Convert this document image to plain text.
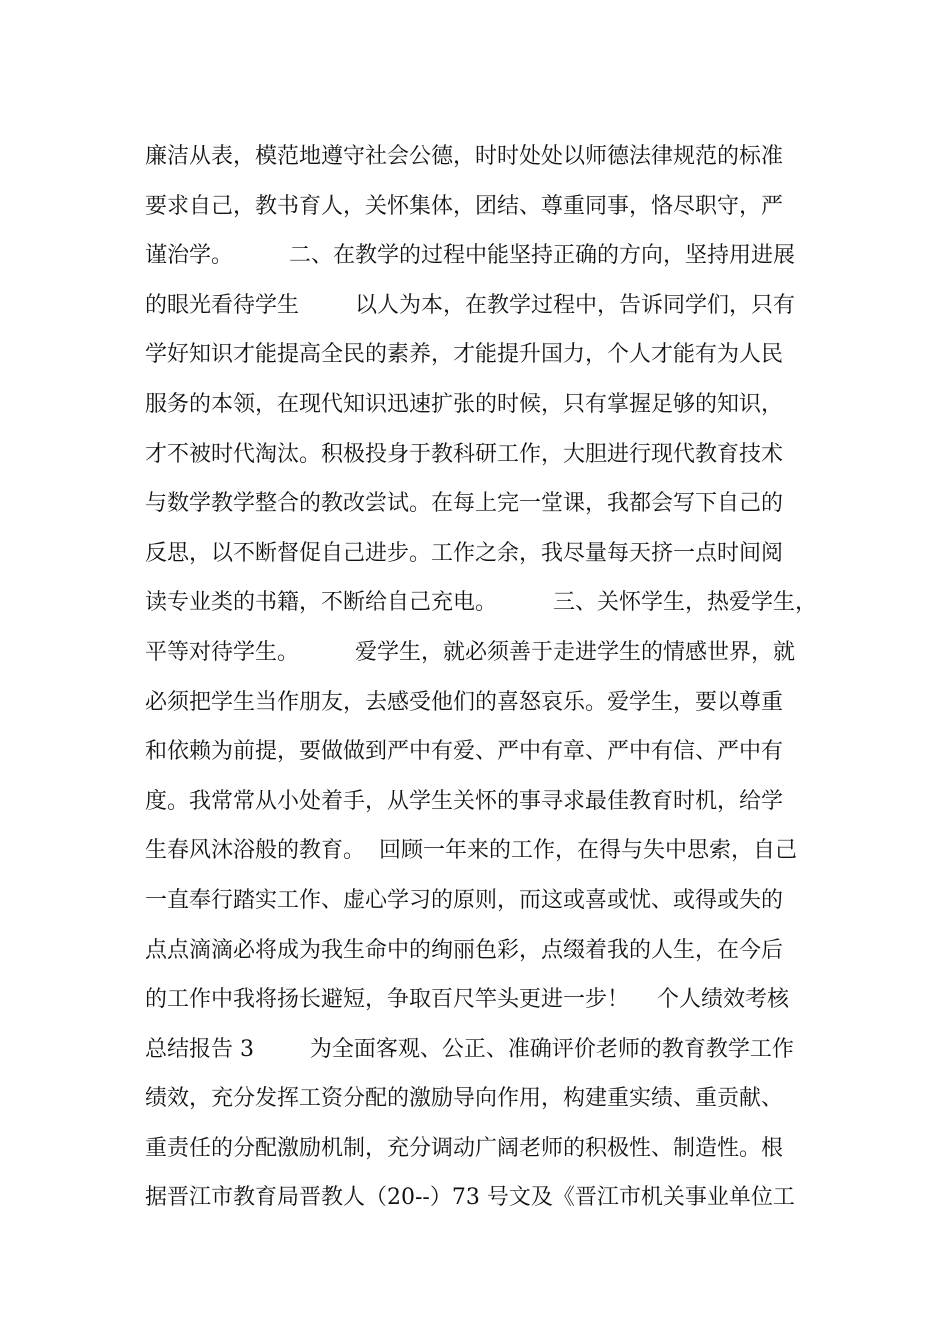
廉洁从表，模范地遵守社会公德，时时处处以师德法律规范的标准
要求自己，教书育人，关怀集体，团结、尊重同事，恪尽职守，严
谨治学。        二、在教学的过程中能坚持正确的方向，坚持用进展
的眼光看待学生        以人为本，在教学过程中，告诉同学们，只有
学好知识才能提高全民的素养，才能提升国力，个人才能有为人民
服务的本领，在现代知识迅速扩张的时候，只有掌握足够的知识，
才不被时代淘汰。积极投身于教科研工作，大胆进行现代教育技术
与数学教学整合的教改尝试。在每上完一堂课，我都会写下自己的
反思，以不断督促自己进步。工作之余，我尽量每天挤一点时间阅
读专业类的书籍，不断给自己充电。        三、关怀学生，热爱学生，
平等对待学生。        爱学生，就必须善于走进学生的情感世界，就
必须把学生当作朋友，去感受他们的喜怒哀乐。爱学生，要以尊重
和依赖为前提，要做做到严中有爱、严中有章、严中有信、严中有
度。我常常从小处着手，从学生关怀的事寻求最佳教育时机，给学
生春风沐浴般的教育。  回顾一年来的工作，在得与失中思索，自己
一直奉行踏实工作、虚心学习的原则，而这或喜或忧、或得或失的
点点滴滴必将成为我生命中的绚丽色彩，点缀着我的人生，在今后
的工作中我将扬长避短，争取百尺竿头更进一步！    个人绩效考核
总结报告 3        为全面客观、公正、准确评价老师的教育教学工作
绩效，充分发挥工资分配的激励导向作用，构建重实绩、重贡献、
重责任的分配激励机制，充分调动广阔老师的积极性、制造性。根
据晋江市教育局晋教人（20--）73 号文及《晋江市机关事业单位工
